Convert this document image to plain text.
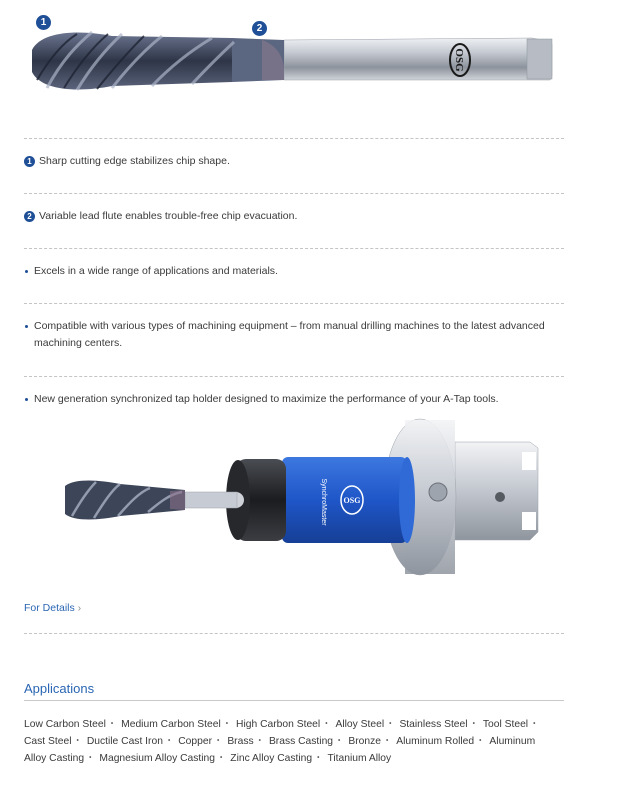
OSG
1
2
1 Sharp cutting edge stabilizes chip shape.
2 Variable lead flute enables trouble-free chip evacuation.
Excels in a wide range of applications and materials.
Compatible with various types of machining equipment – from manual drilling machines to the latest advanced
machining centers.
New generation synchronized tap holder designed to maximize the performance of your A-Tap tools.
SynchroMaster OSG
For Details ›
Applications
Low Carbon Steel・ Medium Carbon Steel・ High Carbon Steel・ Alloy Steel・ Stainless Steel・ Tool Steel・Cast Steel・ Ductile Cast Iron・ Copper・ Brass・ Brass Casting・ Bronze・ Aluminum Rolled・ Aluminum Alloy Casting・ Magnesium Alloy Casting・ Zinc Alloy Casting・ Titanium Alloy
